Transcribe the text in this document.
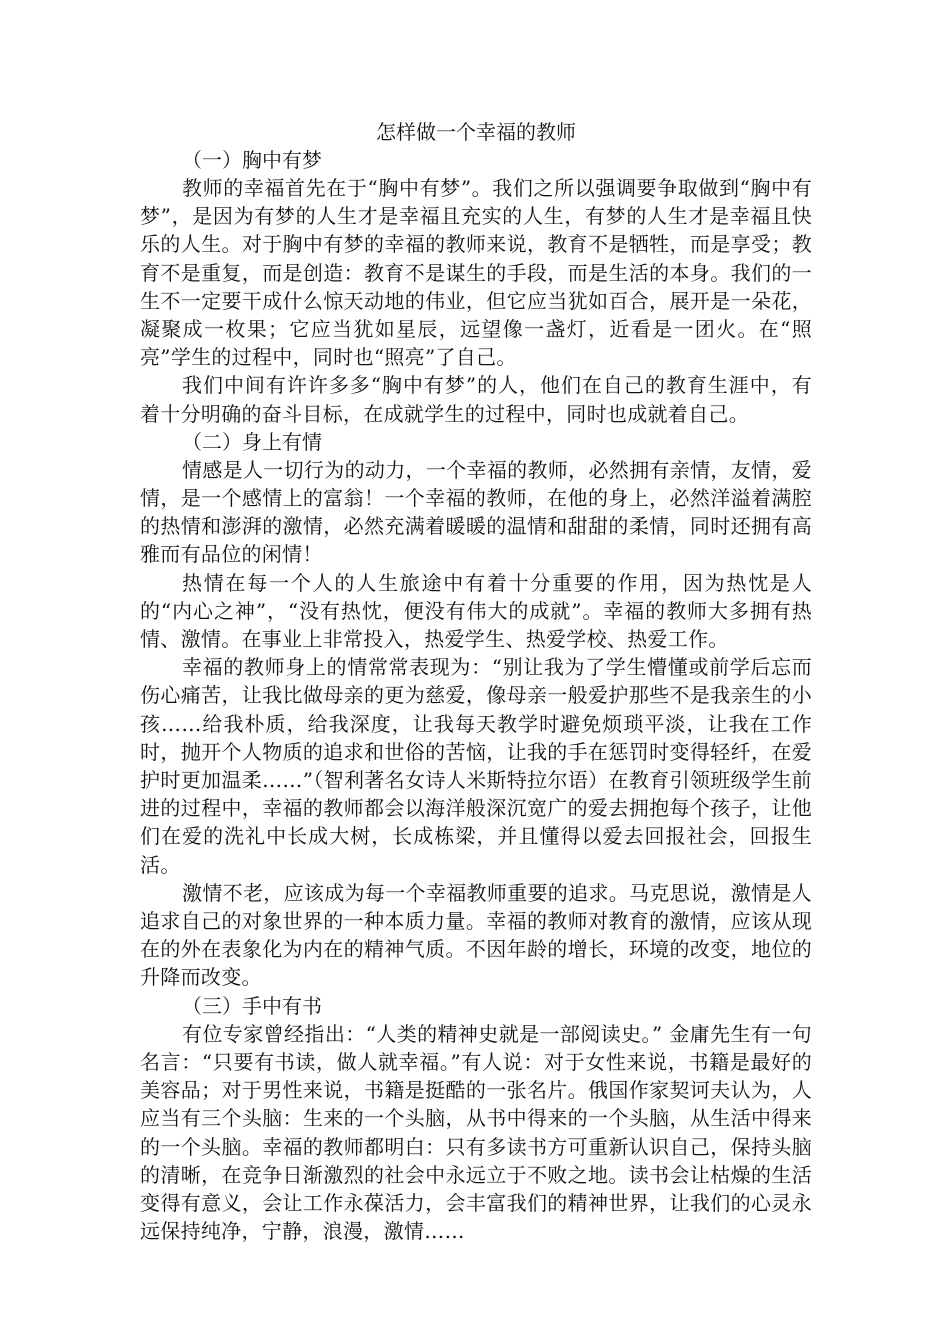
怎样做一个幸福的教师

（一）胸中有梦

教师的幸福首先在于“胸中有梦”。我们之所以强调要争取做到“胸中有梦”，是因为有梦的人生才是幸福且充实的人生，有梦的人生才是幸福且快乐的人生。对于胸中有梦的幸福的教师来说，教育不是牺牲，而是享受；教育不是重复，而是创造：教育不是谋生的手段，而是生活的本身。我们的一生不一定要干成什么惊天动地的伟业，但它应当犹如百合，展开是一朵花，凝聚成一枚果；它应当犹如星辰，远望像一盏灯，近看是一团火。在“照亮”学生的过程中，同时也“照亮”了自己。

我们中间有许许多多“胸中有梦”的人，他们在自己的教育生涯中，有着十分明确的奋斗目标，在成就学生的过程中，同时也成就着自己。

（二）身上有情

情感是人一切行为的动力，一个幸福的教师，必然拥有亲情，友情，爱情，是一个感情上的富翁！一个幸福的教师，在他的身上，必然洋溢着满腔的热情和澎湃的激情，必然充满着暖暖的温情和甜甜的柔情，同时还拥有高雅而有品位的闲情！

热情在每一个人的人生旅途中有着十分重要的作用，因为热忱是人的“内心之神”，“没有热忱，便没有伟大的成就”。幸福的教师大多拥有热情、激情。在事业上非常投入，热爱学生、热爱学校、热爱工作。

幸福的教师身上的情常常表现为：“别让我为了学生懵懂或前学后忘而伤心痛苦，让我比做母亲的更为慈爱，像母亲一般爱护那些不是我亲生的小孩……给我朴质，给我深度，让我每天教学时避免烦琐平淡，让我在工作时，抛开个人物质的追求和世俗的苦恼，让我的手在惩罚时变得轻纤，在爱护时更加温柔……”（智利著名女诗人米斯特拉尔语）在教育引领班级学生前进的过程中，幸福的教师都会以海洋般深沉宽广的爱去拥抱每个孩子，让他们在爱的洗礼中长成大树，长成栋梁，并且懂得以爱去回报社会，回报生活。

激情不老，应该成为每一个幸福教师重要的追求。马克思说，激情是人追求自己的对象世界的一种本质力量。幸福的教师对教育的激情，应该从现在的外在表象化为内在的精神气质。不因年龄的增长，环境的改变，地位的升降而改变。

（三）手中有书

有位专家曾经指出：“人类的精神史就是一部阅读史。” 金庸先生有一句名言：“只要有书读，做人就幸福。”有人说：对于女性来说，书籍是最好的美容品；对于男性来说，书籍是挺酷的一张名片。俄国作家契诃夫认为，人应当有三个头脑：生来的一个头脑，从书中得来的一个头脑，从生活中得来的一个头脑。幸福的教师都明白：只有多读书方可重新认识自己，保持头脑的清晰，在竞争日渐激烈的社会中永远立于不败之地。读书会让枯燥的生活变得有意义，会让工作永葆活力，会丰富我们的精神世界，让我们的心灵永远保持纯净，宁静，浪漫，激情……
